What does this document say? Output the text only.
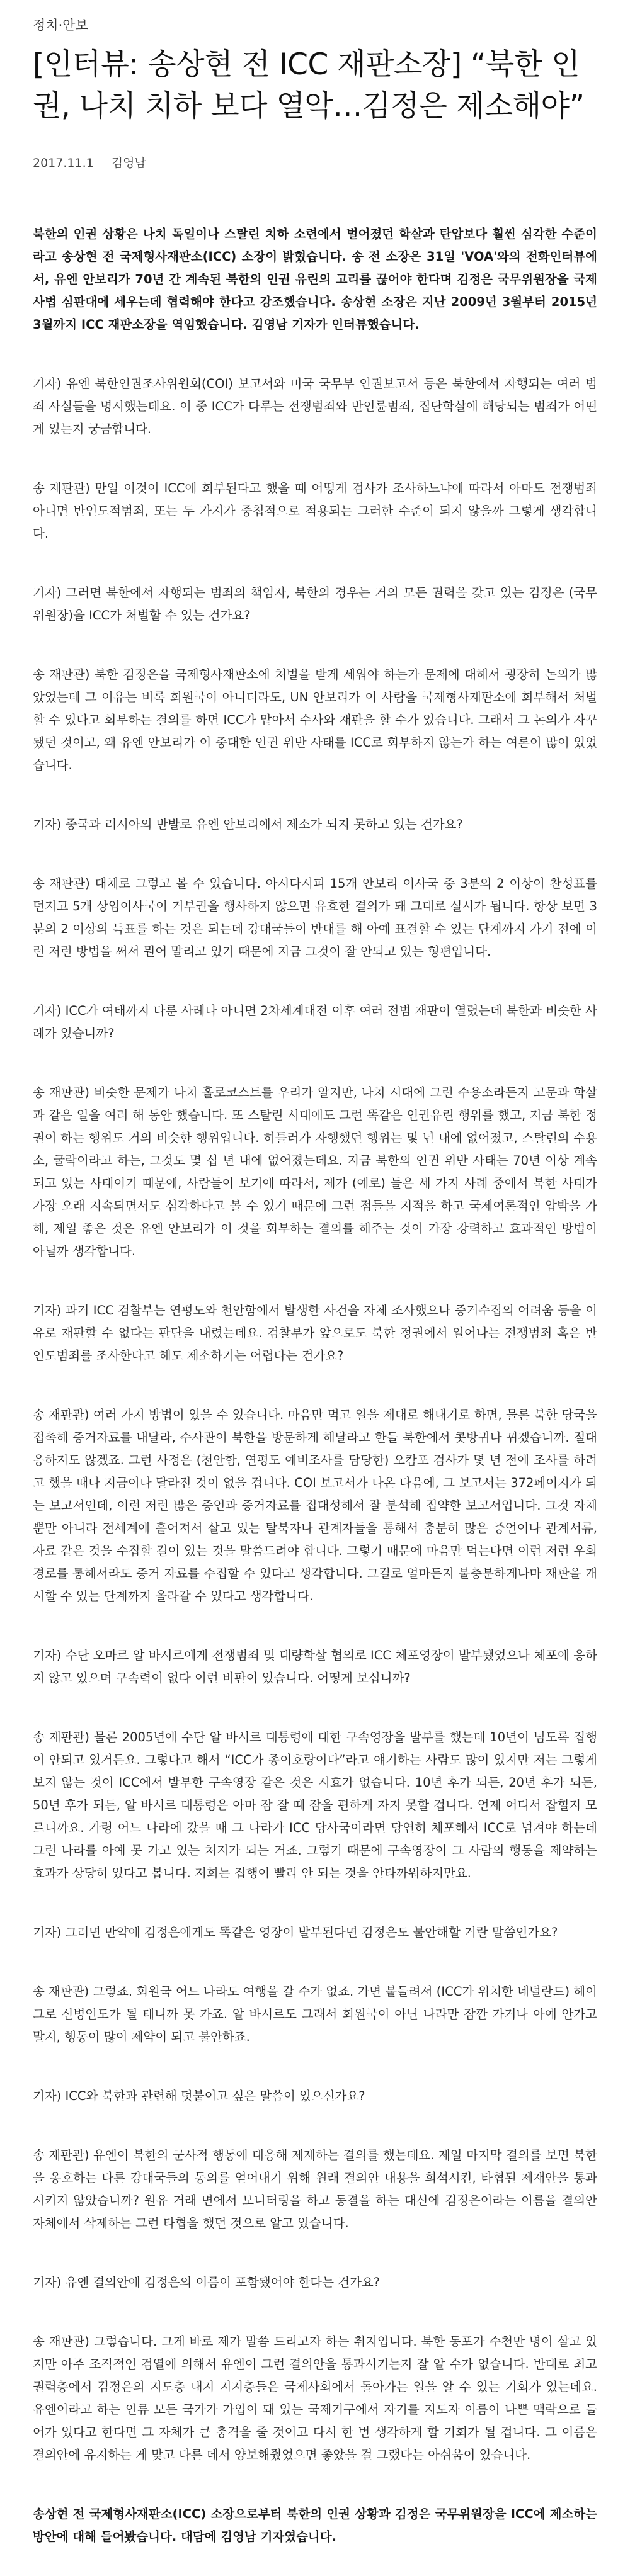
정치·안보
[인터뷰: 송상현 전 ICC 재판소장] “북한 인권, 나치 치하 보다 열악…김정은 제소해야”
2017.11.1 김영남

북한의 인권 상황은 나치 독일이나 스탈린 치하 소련에서 벌어졌던 학살과 탄압보다 훨씬 심각한 수준이라고 송상현 전 국제형사재판소(ICC) 소장이 밝혔습니다. 송 전 소장은 31일 'VOA'와의 전화인터뷰에서, 유엔 안보리가 70년 간 계속된 북한의 인권 유린의 고리를 끊어야 한다며 김정은 국무위원장을 국제 사법 심판대에 세우는데 협력해야 한다고 강조했습니다. 송상현 소장은 지난 2009년 3월부터 2015년 3월까지 ICC 재판소장을 역임했습니다. 김영남 기자가 인터뷰했습니다.

기자) 유엔 북한인권조사위원회(COI) 보고서와 미국 국무부 인권보고서 등은 북한에서 자행되는 여러 범죄 사실들을 명시했는데요. 이 중 ICC가 다루는 전쟁범죄와 반인륜범죄, 집단학살에 해당되는 범죄가 어떤 게 있는지 궁금합니다.

송 재판관) 만일 이것이 ICC에 회부된다고 했을 때 어떻게 검사가 조사하느냐에 따라서 아마도 전쟁범죄 아니면 반인도적범죄, 또는 두 가지가 중첩적으로 적용되는 그러한 수준이 되지 않을까 그렇게 생각합니다.

기자) 그러면 북한에서 자행되는 범죄의 책임자, 북한의 경우는 거의 모든 권력을 갖고 있는 김정은 (국무위원장)을 ICC가 처벌할 수 있는 건가요?

송 재판관) 북한 김정은을 국제형사재판소에 처벌을 받게 세워야 하는가 문제에 대해서 굉장히 논의가 많았었는데 그 이유는 비록 회원국이 아니더라도, UN 안보리가 이 사람을 국제형사재판소에 회부해서 처벌할 수 있다고 회부하는 결의를 하면 ICC가 맡아서 수사와 재판을 할 수가 있습니다. 그래서 그 논의가 자꾸 됐던 것이고, 왜 유엔 안보리가 이 중대한 인권 위반 사태를 ICC로 회부하지 않는가 하는 여론이 많이 있었습니다.

기자) 중국과 러시아의 반발로 유엔 안보리에서 제소가 되지 못하고 있는 건가요?

송 재판관) 대체로 그렇고 볼 수 있습니다. 아시다시피 15개 안보리 이사국 중 3분의 2 이상이 찬성표를 던지고 5개 상임이사국이 거부권을 행사하지 않으면 유효한 결의가 돼 그대로 실시가 됩니다. 항상 보면 3분의 2 이상의 득표를 하는 것은 되는데 강대국들이 반대를 해 아예 표결할 수 있는 단계까지 가기 전에 이런 저런 방법을 써서 뭔어 말리고 있기 때문에 지금 그것이 잘 안되고 있는 형편입니다.

기자) ICC가 여태까지 다룬 사례나 아니면 2차세계대전 이후 여러 전범 재판이 열렸는데 북한과 비슷한 사례가 있습니까?

송 재판관) 비슷한 문제가 나치 홀로코스트를 우리가 알지만, 나치 시대에 그런 수용소라든지 고문과 학살과 같은 일을 여러 해 동안 했습니다. 또 스탈린 시대에도 그런 똑같은 인권유린 행위를 했고, 지금 북한 정권이 하는 행위도 거의 비슷한 행위입니다. 히틀러가 자행했던 행위는 몇 년 내에 없어졌고, 스탈린의 수용소, 굴락이라고 하는, 그것도 몇 십 년 내에 없어졌는데요. 지금 북한의 인권 위반 사태는 70년 이상 계속되고 있는 사태이기 때문에, 사람들이 보기에 따라서, 제가 (예로) 들은 세 가지 사례 중에서 북한 사태가 가장 오래 지속되면서도 심각하다고 볼 수 있기 때문에 그런 점들을 지적을 하고 국제여론적인 압박을 가해, 제일 좋은 것은 유엔 안보리가 이 것을 회부하는 결의를 해주는 것이 가장 강력하고 효과적인 방법이 아닐까 생각합니다.

기자) 과거 ICC 검찰부는 연평도와 천안함에서 발생한 사건을 자체 조사했으나 증거수집의 어려움 등을 이유로 재판할 수 없다는 판단을 내렸는데요. 검찰부가 앞으로도 북한 정권에서 일어나는 전쟁범죄 혹은 반인도범죄를 조사한다고 해도 제소하기는 어렵다는 건가요?

송 재판관) 여러 가지 방법이 있을 수 있습니다. 마음만 먹고 일을 제대로 해내기로 하면, 물론 북한 당국을 접촉해 증거자료를 내달라, 수사관이 북한을 방문하게 해달라고 한들 북한에서 콧방귀나 뀌겠습니까. 절대 응하지도 않겠죠. 그런 사정은 (천안함, 연평도 예비조사를 담당한) 오캄포 검사가 몇 년 전에 조사를 하려고 했을 때나 지금이나 달라진 것이 없을 겁니다. COI 보고서가 나온 다음에, 그 보고서는 372페이지가 되는 보고서인데, 이런 저런 많은 증언과 증거자료를 집대성해서 잘 분석해 집약한 보고서입니다. 그것 자체뿐만 아니라 전세계에 흩어져서 살고 있는 탈북자나 관계자들을 통해서 충분히 많은 증언이나 관계서류, 자료 같은 것을 수집할 길이 있는 것을 말씀드려야 합니다. 그렇기 때문에 마음만 먹는다면 이런 저런 우회 경로를 통해서라도 증거 자료를 수집할 수 있다고 생각합니다. 그걸로 얼마든지 불충분하게나마 재판을 개시할 수 있는 단계까지 올라갈 수 있다고 생각합니다.

기자) 수단 오마르 알 바시르에게 전쟁범죄 및 대량학살 협의로 ICC 체포영장이 발부됐었으나 체포에 응하지 않고 있으며 구속력이 없다 이런 비판이 있습니다. 어떻게 보십니까?

송 재판관) 물론 2005년에 수단 알 바시르 대통령에 대한 구속영장을 발부를 했는데 10년이 넘도록 집행이 안되고 있거든요. 그렇다고 해서 “ICC가 종이호랑이다”라고 얘기하는 사람도 많이 있지만 저는 그렇게 보지 않는 것이 ICC에서 발부한 구속영장 같은 것은 시효가 없습니다. 10년 후가 되든, 20년 후가 되든, 50년 후가 되든, 알 바시르 대통령은 아마 잠 잘 때 잠을 편하게 자지 못할 겁니다. 언제 어디서 잡힐지 모르니까요. 가령 어느 나라에 갔을 때 그 나라가 ICC 당사국이라면 당연히 체포해서 ICC로 넘겨야 하는데 그런 나라를 아예 못 가고 있는 처지가 되는 거죠. 그렇기 때문에 구속영장이 그 사람의 행동을 제약하는 효과가 상당히 있다고 봅니다. 저희는 집행이 빨리 안 되는 것을 안타까워하지만요.

기자) 그러면 만약에 김정은에게도 똑같은 영장이 발부된다면 김정은도 불안해할 거란 말씀인가요?

송 재판관) 그렇죠. 회원국 어느 나라도 여행을 갈 수가 없죠. 가면 붙들려서 (ICC가 위치한 네덜란드) 헤이그로 신병인도가 될 테니까 못 가죠. 알 바시르도 그래서 회원국이 아닌 나라만 잠깐 가거나 아예 안가고 말지, 행동이 많이 제약이 되고 불안하죠.

기자) ICC와 북한과 관련해 덧붙이고 싶은 말씀이 있으신가요?

송 재판관) 유엔이 북한의 군사적 행동에 대응해 제재하는 결의를 했는데요. 제일 마지막 결의를 보면 북한을 옹호하는 다른 강대국들의 동의를 얻어내기 위해 원래 결의안 내용을 희석시킨, 타협된 제재안을 통과시키지 않았습니까? 원유 거래 면에서 모니터링을 하고 동결을 하는 대신에 김정은이라는 이름을 결의안 자체에서 삭제하는 그런 타협을 했던 것으로 알고 있습니다.

기자) 유엔 결의안에 김정은의 이름이 포함됐어야 한다는 건가요?

송 재판관) 그렇습니다. 그게 바로 제가 말씀 드리고자 하는 취지입니다. 북한 동포가 수천만 명이 살고 있지만 아주 조직적인 검열에 의해서 유엔이 그런 결의안을 통과시키는지 잘 알 수가 없습니다. 반대로 최고 권력층에서 김정은의 지도층 내지 지지층들은 국제사회에서 돌아가는 일을 알 수 있는 기회가 있는데요. 유엔이라고 하는 인류 모든 국가가 가입이 돼 있는 국제기구에서 자기를 지도자 이름이 나쁜 맥락으로 들어가 있다고 한다면 그 자체가 큰 충격을 줄 것이고 다시 한 번 생각하게 할 기회가 될 겁니다. 그 이름은 결의안에 유지하는 게 맞고 다른 데서 양보해줬었으면 좋았을 걸 그랬다는 아쉬움이 있습니다.

송상현 전 국제형사재판소(ICC) 소장으로부터 북한의 인권 상황과 김정은 국무위원장을 ICC에 제소하는 방안에 대해 들어봤습니다. 대담에 김영남 기자였습니다.
